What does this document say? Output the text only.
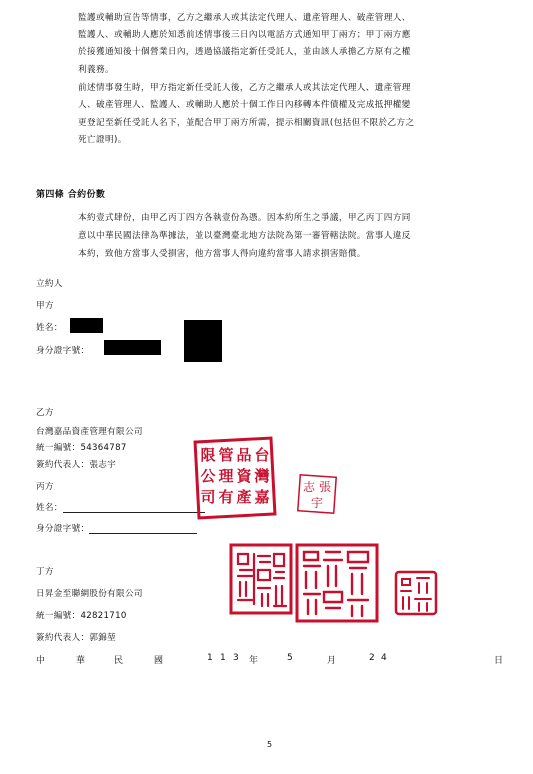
監護或輔助宣告等情事，乙方之繼承人或其法定代理人、遺產管理人、破產管理人、
監護人、或輔助人應於知悉前述情事後三日內以電話方式通知甲丁兩方；甲丁兩方應
於接獲通知後十個營業日內，透過協議指定新任受託人，並由該人承擔乙方原有之權
利義務。
前述情事發生時，甲方指定新任受託人後，乙方之繼承人或其法定代理人、遺產管理
人、破產管理人、監護人、或輔助人應於十個工作日內移轉本件債權及完成抵押權變
更登記至新任受託人名下，並配合甲丁兩方所需，提示相關資訊(包括但不限於乙方之
死亡證明)。
第四條 合約份數
本約壹式肆份，由甲乙丙丁四方各執壹份為憑。因本約所生之爭議，甲乙丙丁四方同
意以中華民國法律為準據法，並以臺灣臺北地方法院為第一審管轄法院。當事人違反
本約，致他方當事人受損害，他方當事人得向違約當事人請求損害賠償。
立約人
甲方
姓名：
身分證字號：
乙方
台灣嘉品資產管理有限公司
統一編號：54364787
簽約代表人：張志宇
丙方
姓名：
身分證字號：
丁方
日昇金至聯網股份有限公司
統一編號：42821710
簽約代表人：郭錦堃
台
灣
嘉
品
資
產
管
理
有
限
公
司
張
志
宇
中	華	民	國	1 1 3 年	5	月	2 4	日
5
